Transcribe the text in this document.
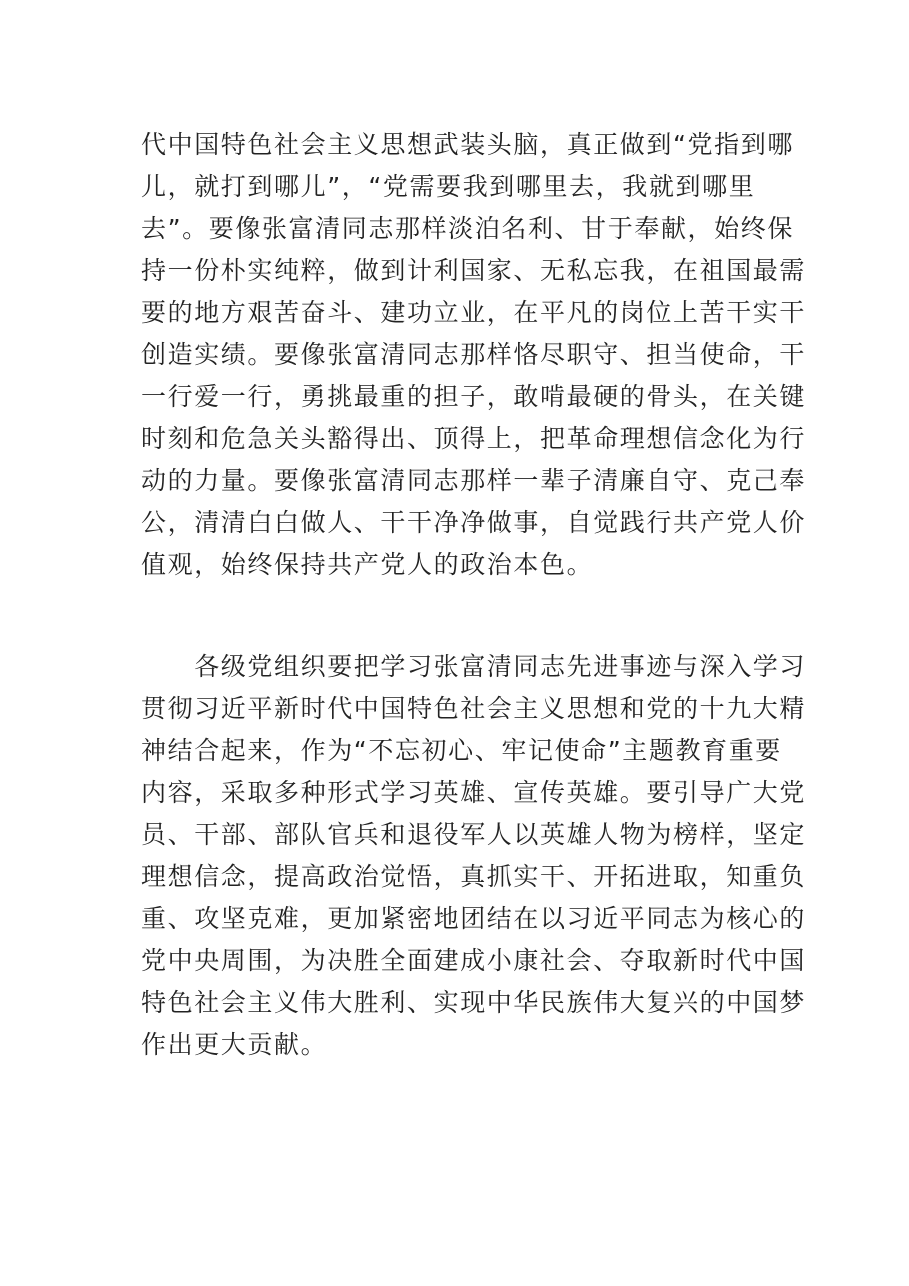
代中国特色社会主义思想武装头脑，真正做到“党指到哪
儿，就打到哪儿”，“党需要我到哪里去，我就到哪里
去”。要像张富清同志那样淡泊名利、甘于奉献，始终保
持一份朴实纯粹，做到计利国家、无私忘我，在祖国最需
要的地方艰苦奋斗、建功立业，在平凡的岗位上苦干实干
创造实绩。要像张富清同志那样恪尽职守、担当使命，干
一行爱一行，勇挑最重的担子，敢啃最硬的骨头，在关键
时刻和危急关头豁得出、顶得上，把革命理想信念化为行
动的力量。要像张富清同志那样一辈子清廉自守、克己奉
公，清清白白做人、干干净净做事，自觉践行共产党人价
值观，始终保持共产党人的政治本色。
　　各级党组织要把学习张富清同志先进事迹与深入学习
贯彻习近平新时代中国特色社会主义思想和党的十九大精
神结合起来，作为“不忘初心、牢记使命”主题教育重要
内容，采取多种形式学习英雄、宣传英雄。要引导广大党
员、干部、部队官兵和退役军人以英雄人物为榜样，坚定
理想信念，提高政治觉悟，真抓实干、开拓进取，知重负
重、攻坚克难，更加紧密地团结在以习近平同志为核心的
党中央周围，为决胜全面建成小康社会、夺取新时代中国
特色社会主义伟大胜利、实现中华民族伟大复兴的中国梦
作出更大贡献。
